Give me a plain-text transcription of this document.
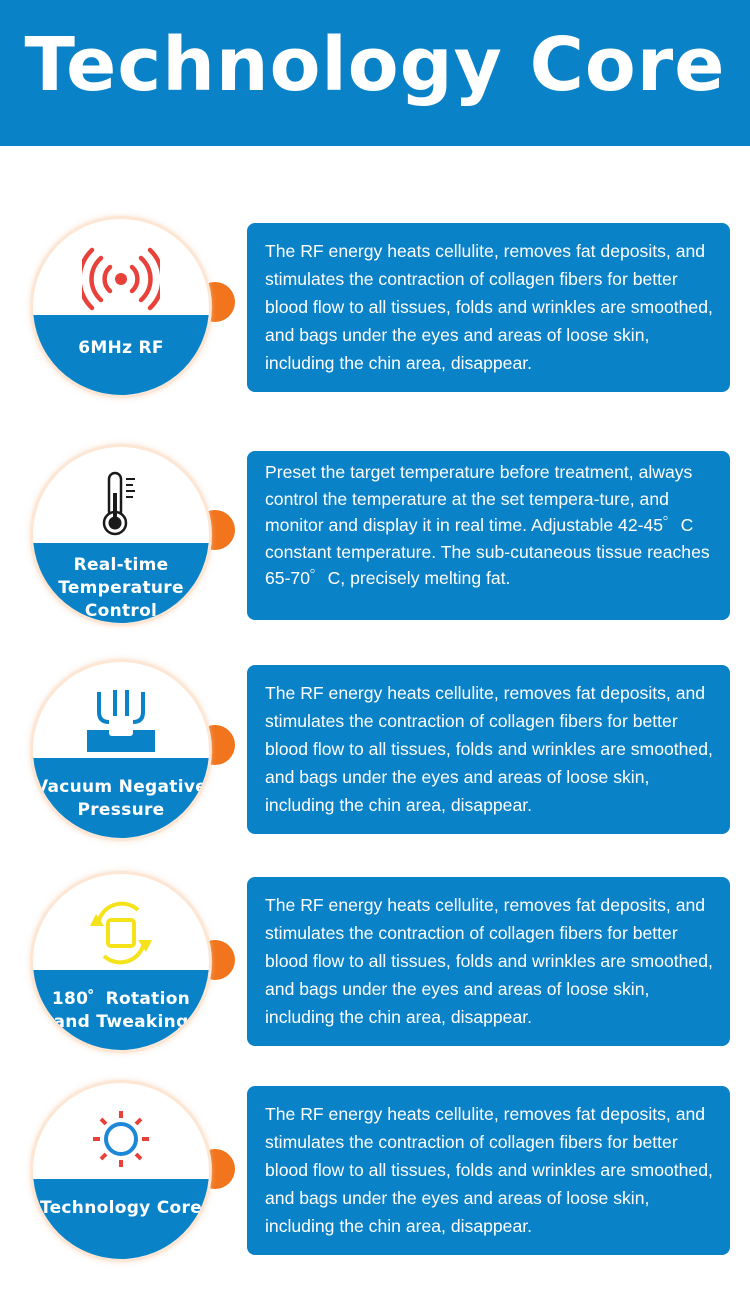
Technology Core
6MHz RF

The RF energy heats cellulite, removes fat deposits, and stimulates the contraction of collagen fibers for better blood flow to all tissues, folds and wrinkles are smoothed, and bags under the eyes and areas of loose skin, including the chin area, disappear.

Real-time Temperature Control

Preset the target temperature before treatment, always control the temperature at the set tempera-ture, and monitor and display it in real time. Adjustable 42-45゜C constant temperature. The sub-cutaneous tissue reaches 65-70゜C, precisely melting fat.

Vacuum Negative Pressure

The RF energy heats cellulite, removes fat deposits, and stimulates the contraction of collagen fibers for better blood flow to all tissues, folds and wrinkles are smoothed, and bags under the eyes and areas of loose skin, including the chin area, disappear.

180゜Rotation and Tweaking

The RF energy heats cellulite, removes fat deposits, and stimulates the contraction of collagen fibers for better blood flow to all tissues, folds and wrinkles are smoothed, and bags under the eyes and areas of loose skin, including the chin area, disappear.

Technology Core

The RF energy heats cellulite, removes fat deposits, and stimulates the contraction of collagen fibers for better blood flow to all tissues, folds and wrinkles are smoothed, and bags under the eyes and areas of loose skin, including the chin area, disappear.
